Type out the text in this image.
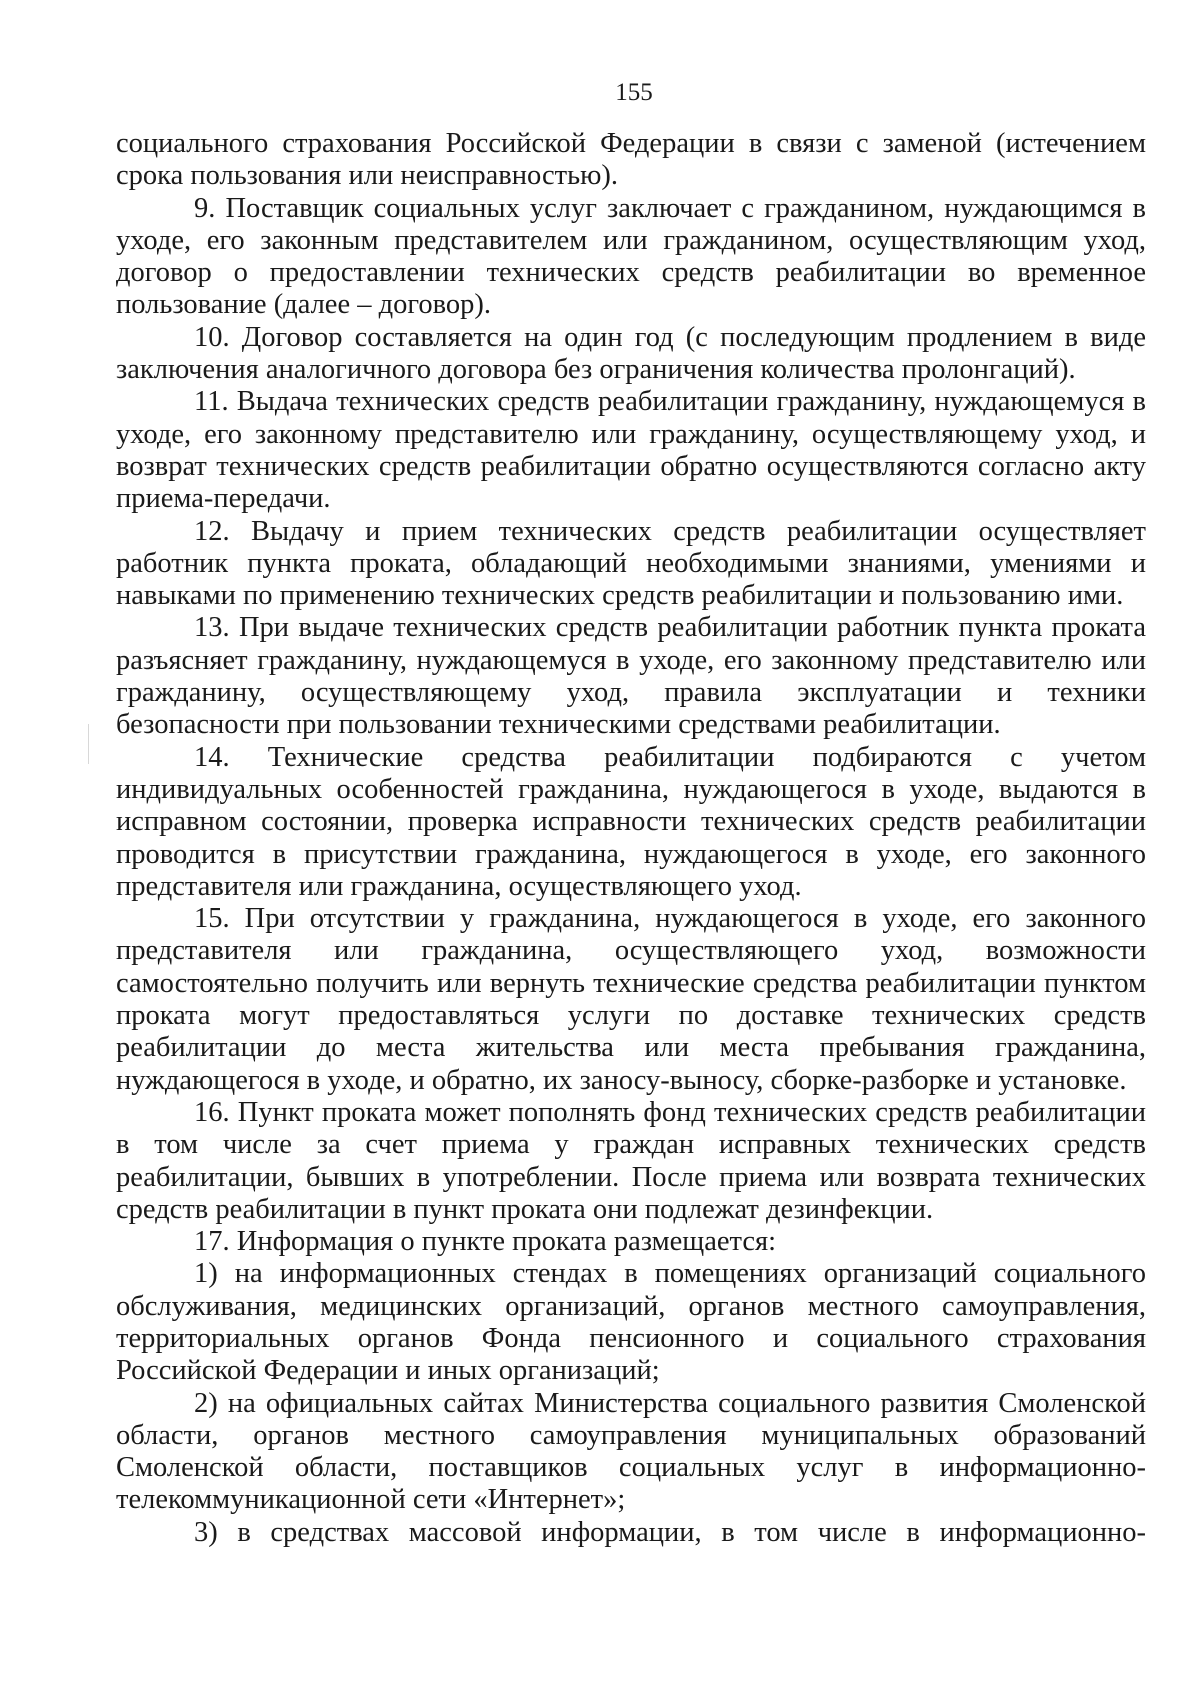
155

социального страхования Российской Федерации в связи с заменой (истечением срока пользования или неисправностью).

9. Поставщик социальных услуг заключает с гражданином, нуждающимся в уходе, его законным представителем или гражданином, осуществляющим уход, договор о предоставлении технических средств реабилитации во временное пользование (далее – договор).

10. Договор составляется на один год (с последующим продлением в виде заключения аналогичного договора без ограничения количества пролонгаций).

11. Выдача технических средств реабилитации гражданину, нуждающемуся в уходе, его законному представителю или гражданину, осуществляющему уход, и возврат технических средств реабилитации обратно осуществляются согласно акту приема-передачи.

12. Выдачу и прием технических средств реабилитации осуществляет работник пункта проката, обладающий необходимыми знаниями, умениями и навыками по применению технических средств реабилитации и пользованию ими.

13. При выдаче технических средств реабилитации работник пункта проката разъясняет гражданину, нуждающемуся в уходе, его законному представителю или гражданину, осуществляющему уход, правила эксплуатации и техники безопасности при пользовании техническими средствами реабилитации.

14. Технические средства реабилитации подбираются с учетом индивидуальных особенностей гражданина, нуждающегося в уходе, выдаются в исправном состоянии, проверка исправности технических средств реабилитации проводится в присутствии гражданина, нуждающегося в уходе, его законного представителя или гражданина, осуществляющего уход.

15. При отсутствии у гражданина, нуждающегося в уходе, его законного представителя или гражданина, осуществляющего уход, возможности самостоятельно получить или вернуть технические средства реабилитации пунктом проката могут предоставляться услуги по доставке технических средств реабилитации до места жительства или места пребывания гражданина, нуждающегося в уходе, и обратно, их заносу-выносу, сборке-разборке и установке.

16. Пункт проката может пополнять фонд технических средств реабилитации в том числе за счет приема у граждан исправных технических средств реабилитации, бывших в употреблении. После приема или возврата технических средств реабилитации в пункт проката они подлежат дезинфекции.

17. Информация о пункте проката размещается:

1) на информационных стендах в помещениях организаций социального обслуживания, медицинских организаций, органов местного самоуправления, территориальных органов Фонда пенсионного и социального страхования Российской Федерации и иных организаций;

2) на официальных сайтах Министерства социального развития Смоленской области, органов местного самоуправления муниципальных образований Смоленской области, поставщиков социальных услуг в информационно-телекоммуникационной сети «Интернет»;

3) в средствах массовой информации, в том числе в информационно-
